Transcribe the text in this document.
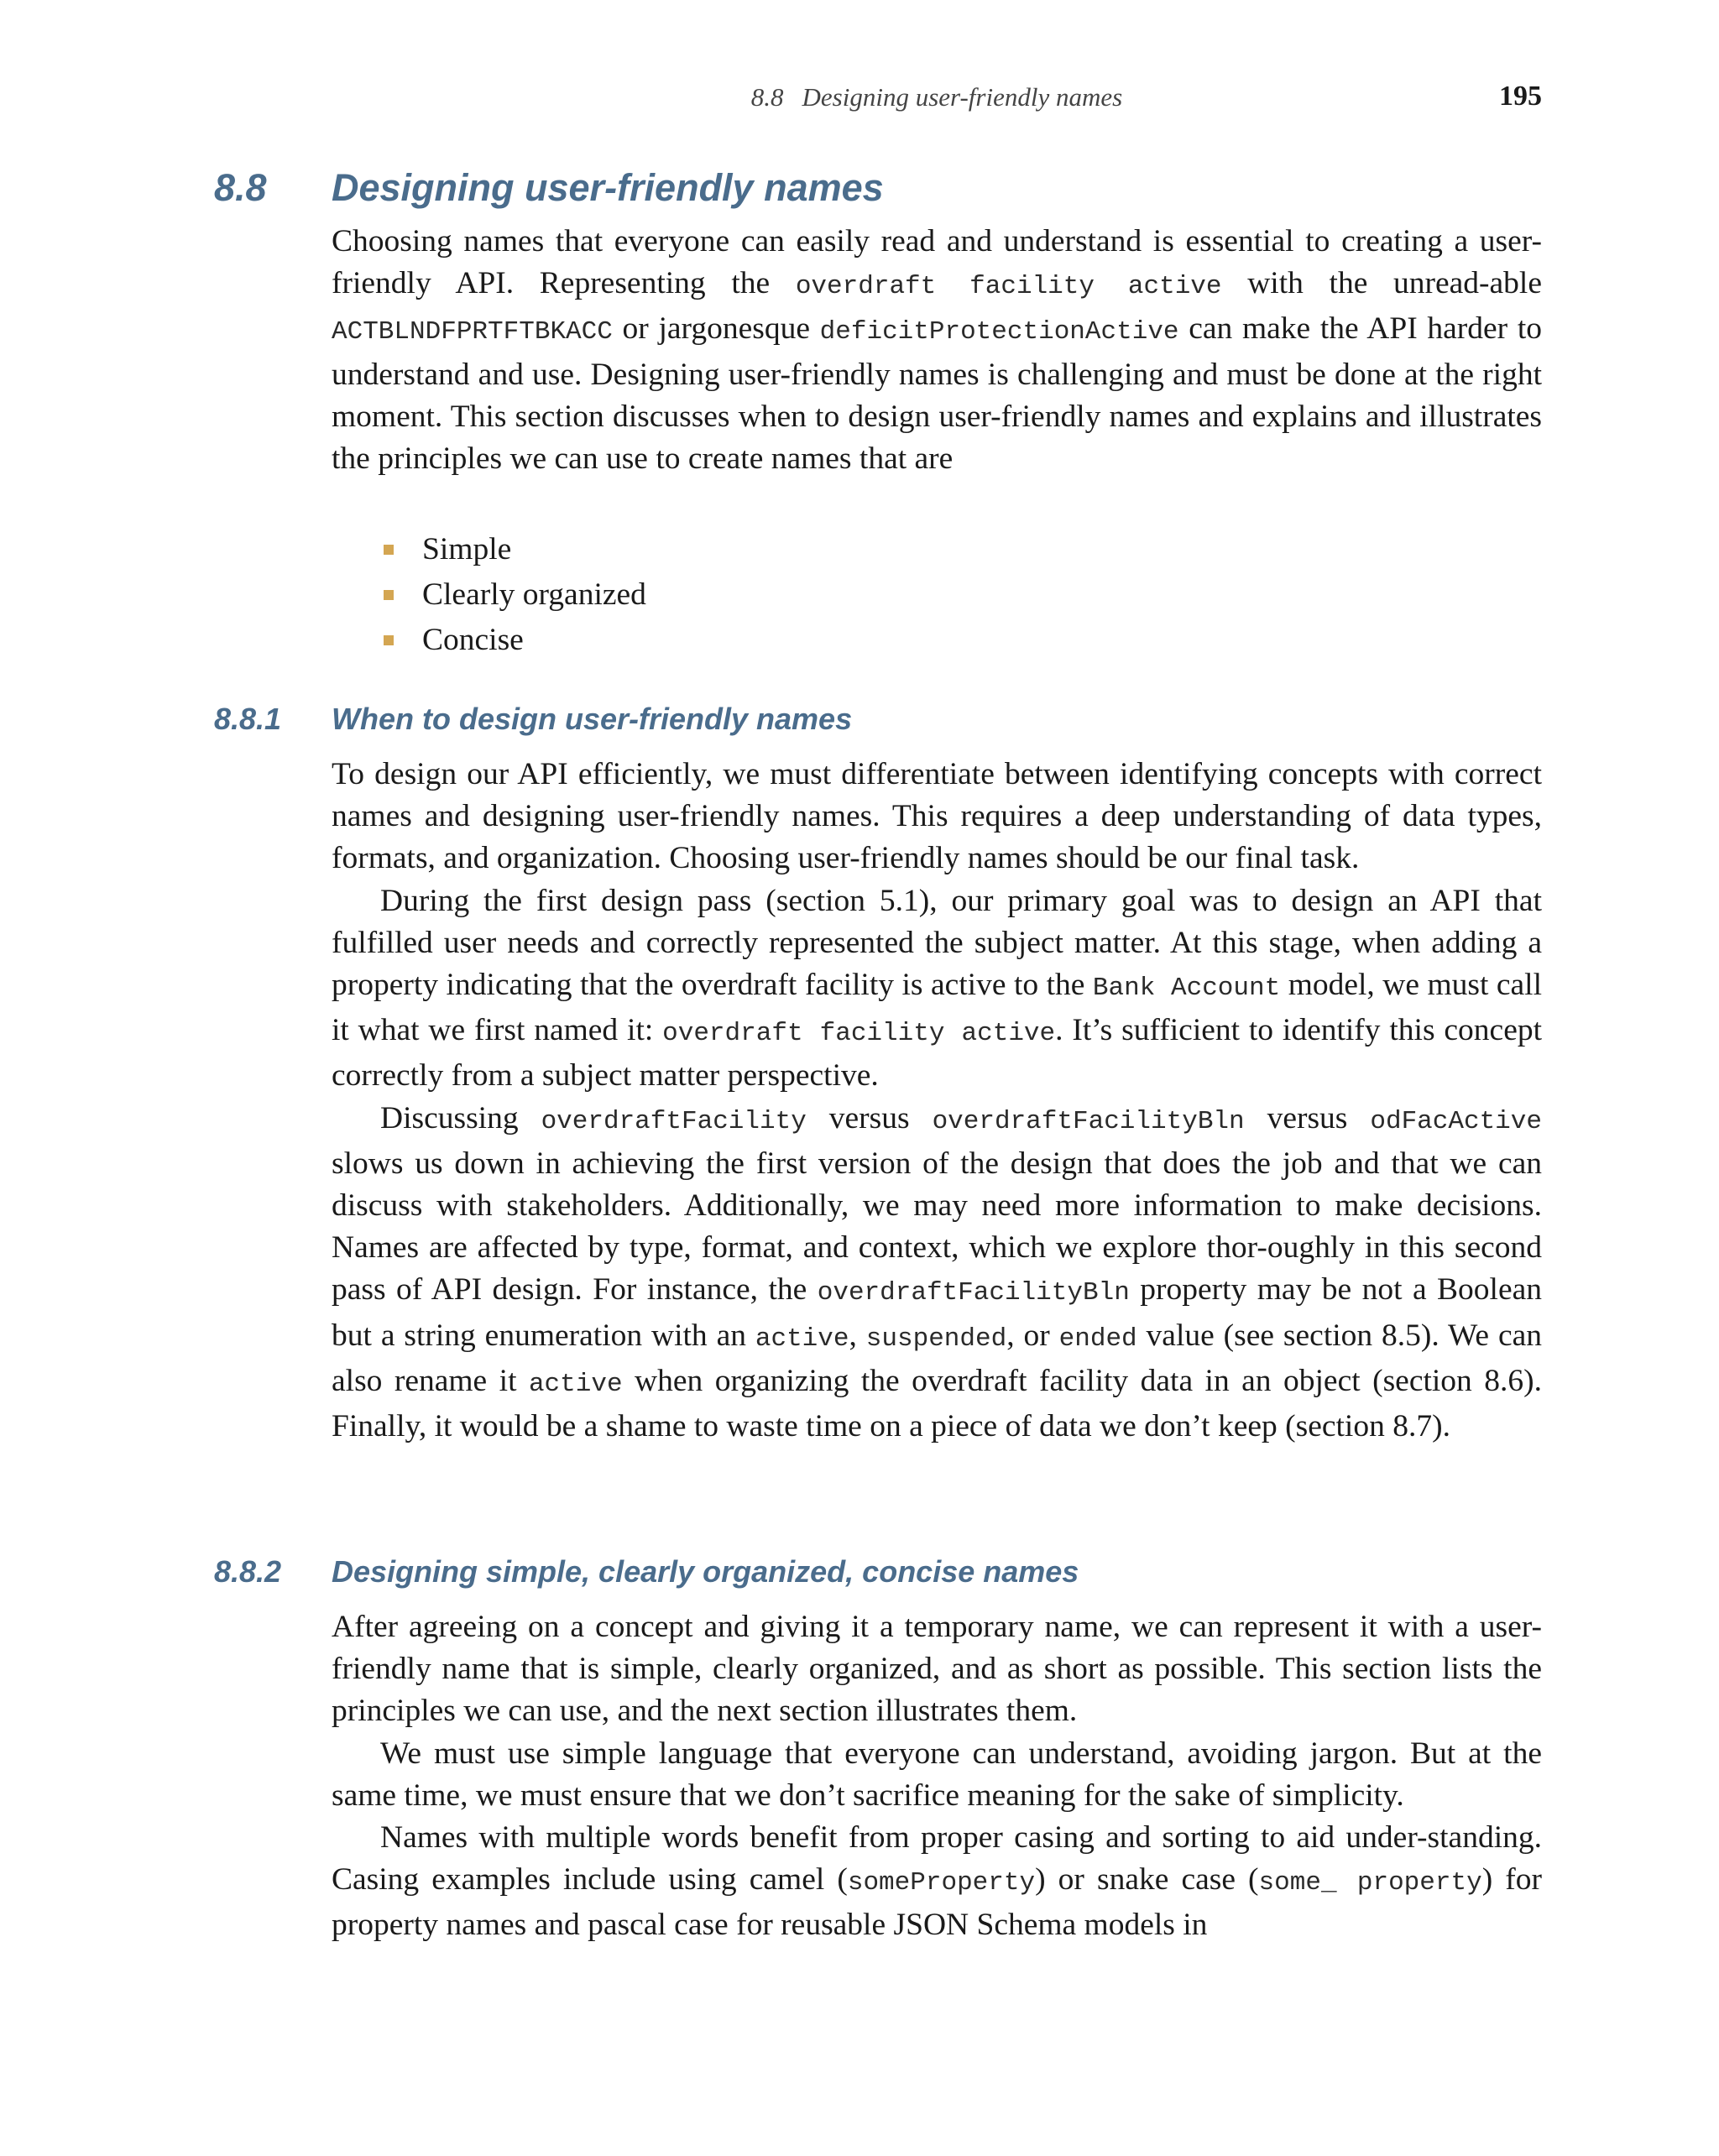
8.8 Designing user-friendly names	195
8.8 Designing user-friendly names

Choosing names that everyone can easily read and understand is essential to creating a user-friendly API. Representing the overdraft facility active with the unread-able ACTBLNDFPRTFTBKACC or jargonesque deficitProtectionActive can make the API harder to understand and use. Designing user-friendly names is challenging and must be done at the right moment. This section discusses when to design user-friendly names and explains and illustrates the principles we can use to create names that are

Simple
Clearly organized
Concise
8.8.1 When to design user-friendly names

To design our API efficiently, we must differentiate between identifying concepts with correct names and designing user-friendly names. This requires a deep understanding of data types, formats, and organization. Choosing user-friendly names should be our final task.

During the first design pass (section 5.1), our primary goal was to design an API that fulfilled user needs and correctly represented the subject matter. At this stage, when adding a property indicating that the overdraft facility is active to the Bank Account model, we must call it what we first named it: overdraft facility active. It’s sufficient to identify this concept correctly from a subject matter perspective.

Discussing overdraftFacility versus overdraftFacilityBln versus odFacActive slows us down in achieving the first version of the design that does the job and that we can discuss with stakeholders. Additionally, we may need more information to make decisions. Names are affected by type, format, and context, which we explore thor-oughly in this second pass of API design. For instance, the overdraftFacilityBln property may be not a Boolean but a string enumeration with an active, suspended, or ended value (see section 8.5). We can also rename it active when organizing the overdraft facility data in an object (section 8.6). Finally, it would be a shame to waste time on a piece of data we don’t keep (section 8.7).

8.8.2 Designing simple, clearly organized, concise names

After agreeing on a concept and giving it a temporary name, we can represent it with a user-friendly name that is simple, clearly organized, and as short as possible. This section lists the principles we can use, and the next section illustrates them.

We must use simple language that everyone can understand, avoiding jargon. But at the same time, we must ensure that we don’t sacrifice meaning for the sake of simplicity.

Names with multiple words benefit from proper casing and sorting to aid under-standing. Casing examples include using camel (someProperty) or snake case (some_ property) for property names and pascal case for reusable JSON Schema models in
